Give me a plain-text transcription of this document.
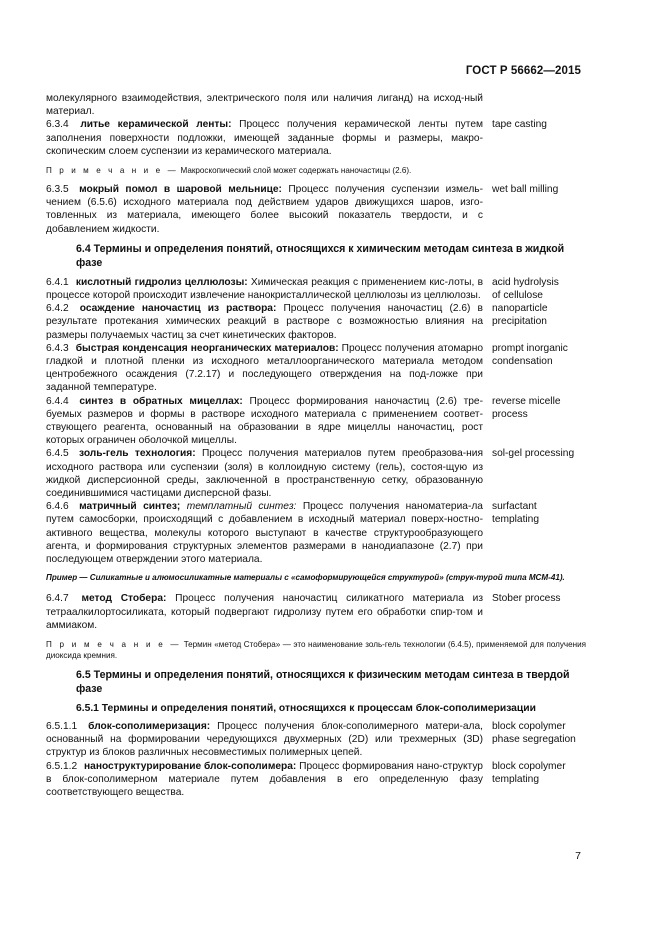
ГОСТ Р 56662—2015
молекулярного взаимодействия, электрического поля или наличия лиганд) на исход-ный материал.
6.3.4 литье керамической ленты: Процесс получения керамической ленты путем заполнения поверхности подложки, имеющей заданные формы и размеры, макро-скопическим слоем суспензии из керамического материала.
tape casting
П р и м е ч а н и е — Макроскопический слой может содержать наночастицы (2.6).
6.3.5 мокрый помол в шаровой мельнице: Процесс получения суспензии измель-чением (6.5.6) исходного материала под действием ударов движущихся шаров, изго-товленных из материала, имеющего более высокий показатель твердости, и с добавлением жидкости.
wet ball milling
6.4 Термины и определения понятий, относящихся к химическим методам синтеза в жидкой фазе
6.4.1 кислотный гидролиз целлюлозы: Химическая реакция с применением кис-лоты, в процессе которой происходит извлечение нанокристаллической целлюлозы из целлюлозы.
acid hydrolysis
of cellulose
6.4.2 осаждение наночастиц из раствора: Процесс получения наночастиц (2.6) в результате протекания химических реакций в растворе с возможностью влияния на размеры получаемых частиц за счет кинетических факторов.
nanoparticle
precipitation
6.4.3 быстрая конденсация неорганических материалов: Процесс получения атомарно гладкой и плотной пленки из исходного металлоорганического материала методом центробежного осаждения (7.2.17) и последующего отверждения на под-ложке при заданной температуре.
prompt inorganic
condensation
6.4.4 синтез в обратных мицеллах: Процесс формирования наночастиц (2.6) тре-буемых размеров и формы в растворе исходного материала с применением соответ-ствующего реагента, основанный на образовании в ядре мицеллы наночастиц, рост которых ограничен оболочкой мицеллы.
reverse micelle
process
6.4.5 золь-гель технология: Процесс получения материалов путем преобразова-ния исходного раствора или суспензии (золя) в коллоидную систему (гель), состоя-щую из жидкой дисперсионной среды, заключенной в пространственную сетку, образованную соединившимися частицами дисперсной фазы.
sol-gel processing
6.4.6 матричный синтез; темплатный синтез: Процесс получения наноматериа-ла путем самосборки, происходящий с добавлением в исходный материал поверх-ностно-активного вещества, молекулы которого выступают в качестве структурообразующего агента, и формирования структурных элементов размерами в нанодиапазоне (2.7) при последующем отверждении этого материала.
surfactant
templating
Пример — Силикатные и алюмосиликатные материалы с «самоформирующейся структурой» (струк-турой типа MCM-41).
6.4.7 метод Стобера: Процесс получения наночастиц силикатного материала из тетраалкилортосиликата, который подвергают гидролизу путем его обработки спир-том и аммиаком.
Stober process
П р и м е ч а н и е — Термин «метод Стобера» — это наименование золь-гель технологии (6.4.5), применяемой для получения диоксида кремния.
6.5 Термины и определения понятий, относящихся к физическим методам синтеза в твердой фазе
6.5.1 Термины и определения понятий, относящихся к процессам блок-сополимеризации
6.5.1.1 блок-сополимеризация: Процесс получения блок-сополимерного матери-ала, основанный на формировании чередующихся двухмерных (2D) или трехмерных (3D) структур из блоков различных несовместимых полимерных цепей.
block copolymer
phase segregation
6.5.1.2 наноструктурирование блок-сополимера: Процесс формирования нано-структур в блок-сополимерном материале путем добавления в его определенную фазу соответствующего вещества.
block copolymer
templating
7
